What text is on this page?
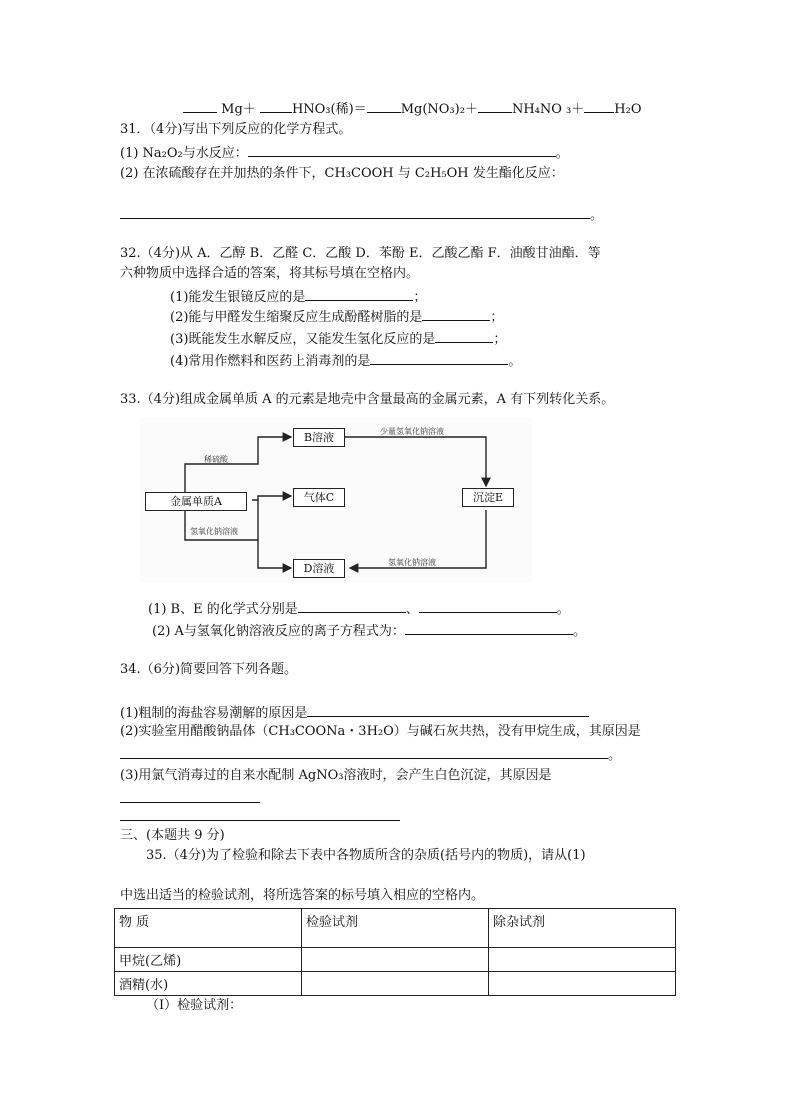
Mg＋	HNO₃(稀)＝	Mg(NO₃)₂＋	NH₄NO ₃＋ H₂O
31．（4分)写出下列反应的化学方程式。
(1) Na₂O₂与水反应：	。
(2) 在浓硫酸存在并加热的条件下，CH₃COOH 与 C₂H₅OH 发生酯化反应：
。
32.（4分)从 A．乙醇 B．乙醛 C．乙酸 D．苯酚 E．乙酸乙酯 F．油酸甘油酯．等
六种物质中选择合适的答案，将其标号填在空格内。
(1)能发生银镜反应的是	；
(2)能与甲醛发生缩聚反应生成酚醛树脂的是	；
(3)既能发生水解反应，又能发生氢化反应的是	；
(4)常用作燃料和医药上消毒剂的是	。
33.（4分)组成金属单质 A 的元素是地壳中含量最高的金属元素，A 有下列转化关系。
金属单质A
B溶液
气体C
D溶液
沉淀E
稀硫酸
氢氧化钠溶液
少量氢氧化钠溶液
氢氧化钠溶液
(1) B、E 的化学式分别是	、	。
(2) A与氢氧化钠溶液反应的离子方程式为：	。
34.（6分)简要回答下列各题。
(1)粗制的海盐容易潮解的原因是
(2)实验室用醋酸钠晶体（CH₃COONa・3H₂O）与碱石灰共热，没有甲烷生成，其原因是
。
(3)用氯气消毒过的自来水配制 AgNO₃溶液时，会产生白色沉淀，其原因是
三、(本题共 9 分)
35.（4分)为了检验和除去下表中各物质所含的杂质(括号内的物质)，请从(1)
中选出适当的检验试剂，将所选答案的标号填入相应的空格内。
物 质	检验试剂	除杂试剂
甲烷(乙烯)		
酒精(水)		
（Ⅰ）检验试剂：
